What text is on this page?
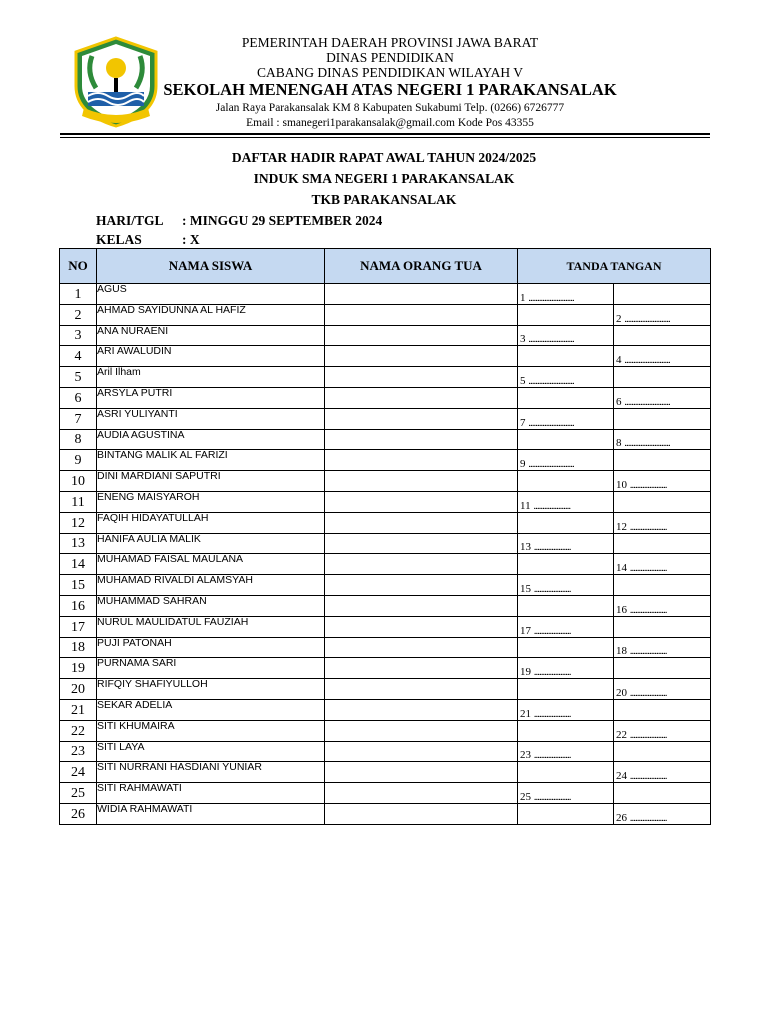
PEMERINTAH DAERAH PROVINSI JAWA BARAT
DINAS PENDIDIKAN
CABANG DINAS PENDIDIKAN WILAYAH V
SEKOLAH MENENGAH ATAS NEGERI 1 PARAKANSALAK
Jalan Raya Parakansalak KM 8 Kabupaten Sukabumi Telp. (0266) 6726777
Email : smanegeri1parakansalak@gmail.com Kode Pos 43355
DAFTAR HADIR RAPAT AWAL TAHUN 2024/2025
INDUK SMA NEGERI 1 PARAKANSALAK
TKB PARAKANSALAK
HARI/TGL : MINGGU 29 SEPTEMBER 2024
KELAS	: X
NO	NAMA SISWA	NAMA ORANG TUA	TANDA TANGAN	
1	AGUS		1 ..........................	
2	AHMAD SAYIDUNNA AL HAFIZ			2 ..........................
3	ANA NURAENI		3 ..........................	
4	ARI AWALUDIN			4 ..........................
5	Aril Ilham		5 ..........................	
6	ARSYLA PUTRI			6 ..........................
7	ASRI YULIYANTI		7 ..........................	
8	AUDIA AGUSTINA			8 ..........................
9	BINTANG MALIK AL FARIZI		9 ..........................	
10	DINI MARDIANI SAPUTRI			10 .....................
11	ENENG MAISYAROH		11 .....................	
12	FAQIH HIDAYATULLAH			12 .....................
13	HANIFA AULIA MALIK		13 .....................	
14	MUHAMAD FAISAL MAULANA			14 .....................
15	MUHAMAD RIVALDI ALAMSYAH		15 .....................	
16	MUHAMMAD SAHRAN			16 .....................
17	NURUL MAULIDATUL FAUZIAH		17 .....................	
18	PUJI PATONAH			18 .....................
19	PURNAMA SARI		19 .....................	
20	RIFQIY SHAFIYULLOH			20 .....................
21	SEKAR ADELIA		21 .....................	
22	SITI KHUMAIRA			22 .....................
23	SITI LAYA		23 .....................	
24	SITI NURRANI HASDIANI YUNIAR			24 .....................
25	SITI RAHMAWATI		25 .....................	
26	WIDIA RAHMAWATI			26 .....................
